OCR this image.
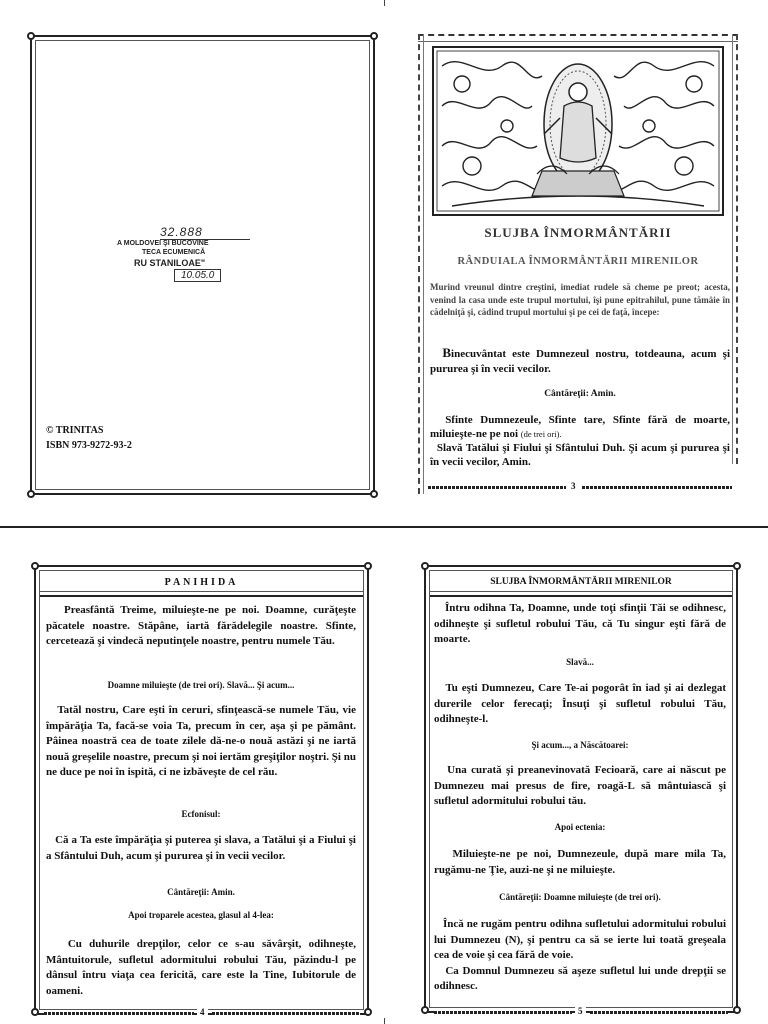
32.888
A MOLDOVEI ŞI BUCOVINE
TECA ECUMENICĂ
RU STANILOAE"
10.05.0
© TRINITAS
ISBN 973-9272-93-2
SLUJBA ÎNMORMÂNTĂRII
RÂNDUIALA ÎNMORMÂNTĂRII MIRENILOR
Murind vreunul dintre creştini, imediat rudele să cheme pe preot; acesta, venind la casa unde este trupul mortului, îşi pune epitrahilul, pune tămâie în cădelniţă şi, cădind trupul mortului şi pe cei de faţă, începe:
Binecuvântat este Dumnezeul nostru, totdeauna, acum şi pururea şi în vecii vecilor.
Cântăreţii: Amin.
Sfinte Dumnezeule, Sfinte tare, Sfinte fără de moarte, miluieşte-ne pe noi (de trei ori).
Slavă Tatălui şi Fiului şi Sfântului Duh. Şi acum şi pururea şi în vecii vecilor, Amin.
3
PANIHIDA
Preasfântă Treime, miluieşte-ne pe noi. Doamne, curăţeşte păcatele noastre. Stăpâne, iartă fărădelegile noastre. Sfinte, cercetează şi vindecă neputinţele noastre, pentru numele Tău.
Doamne miluieşte (de trei ori). Slavă... Şi acum...
Tatăl nostru, Care eşti în ceruri, sfinţească-se numele Tău, vie împărăţia Ta, facă-se voia Ta, precum în cer, aşa şi pe pământ. Pâinea noastră cea de toate zilele dă-ne-o nouă astăzi şi ne iartă nouă greşelile noastre, precum şi noi iertăm greşiţilor noştri. Şi nu ne duce pe noi în ispită, ci ne izbăveşte de cel rău.
Ecfonisul:
Că a Ta este împărăţia şi puterea şi slava, a Tatălui şi a Fiului şi a Sfântului Duh, acum şi pururea şi în vecii vecilor.
Cântăreţii: Amin.
Apoi troparele acestea, glasul al 4-lea:
Cu duhurile drepţilor, celor ce s-au săvârşit, odihneşte, Mântuitorule, sufletul adormitului robului Tău, păzindu-l pe dânsul întru viaţa cea fericită, care este la Tine, Iubitorule de oameni.
4
SLUJBA ÎNMORMÂNTĂRII MIRENILOR
Întru odihna Ta, Doamne, unde toţi sfinţii Tăi se odihnesc, odihneşte şi sufletul robului Tău, că Tu singur eşti fără de moarte.
Slavă...
Tu eşti Dumnezeu, Care Te-ai pogorât în iad şi ai dezlegat durerile celor ferecaţi; Însuţi şi sufletul robului Tău, odihneşte-l.
Şi acum..., a Născătoarei:
Una curată şi preanevinovată Fecioară, care ai născut pe Dumnezeu mai presus de fire, roagă-L să mântuiască şi sufletul adormitului robului tău.
Apoi ectenia:
Miluieşte-ne pe noi, Dumnezeule, după mare mila Ta, rugămu-ne Ţie, auzi-ne şi ne miluieşte.
Cântăreţii: Doamne miluieşte (de trei ori).
Încă ne rugăm pentru odihna sufletului adormitului robului lui Dumnezeu (N), şi pentru ca să se ierte lui toată greşeala cea de voie şi cea fără de voie.
Ca Domnul Dumnezeu să aşeze sufletul lui unde drepţii se odihnesc.
5
